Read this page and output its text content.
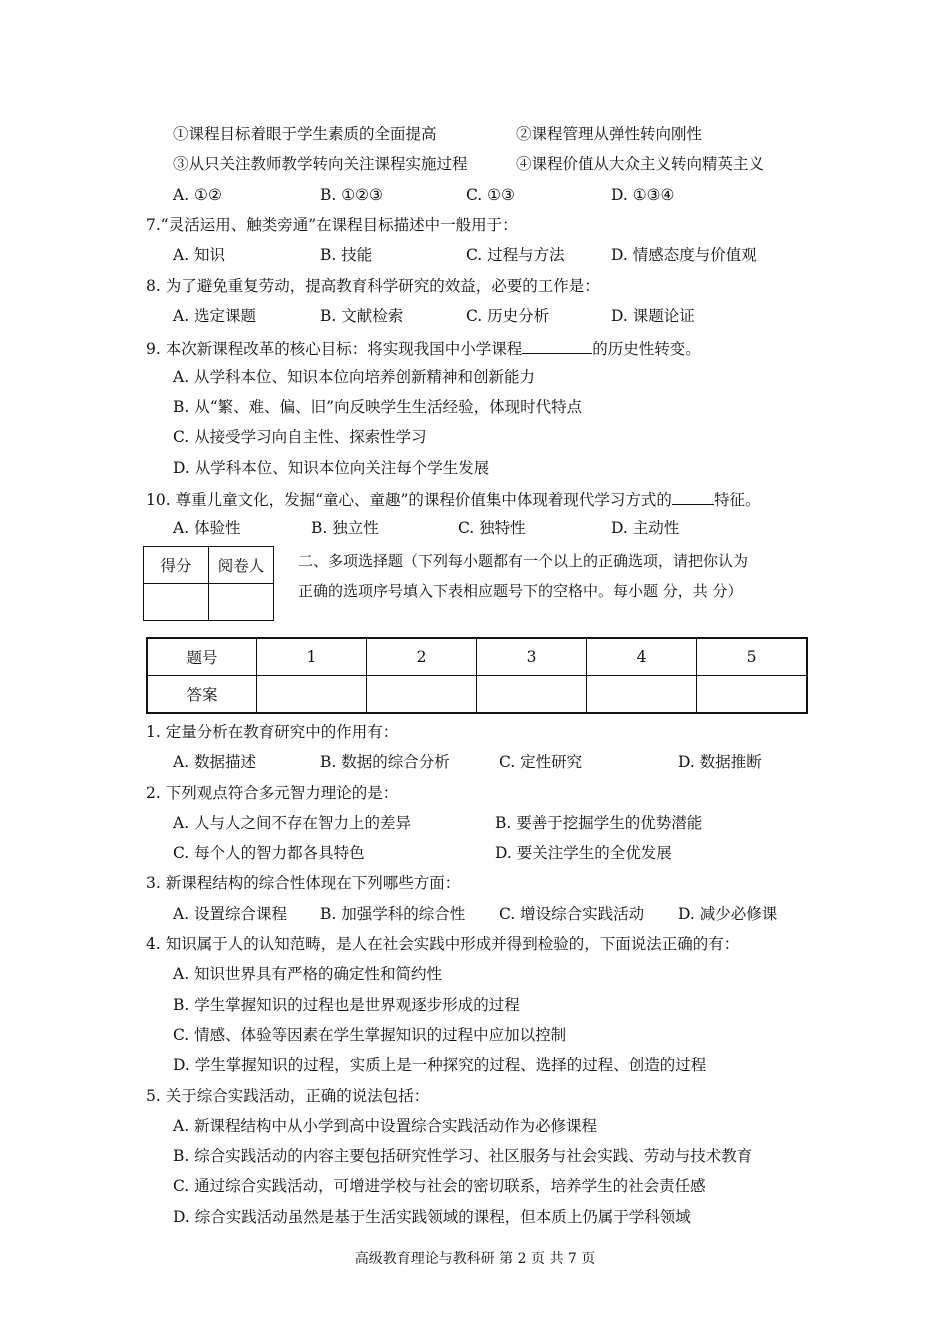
①课程目标着眼于学生素质的全面提高	②课程管理从弹性转向刚性
③从只关注教师教学转向关注课程实施过程	④课程价值从大众主义转向精英主义
A. ①②	B. ①②③	C. ①③	D. ①③④
7.“灵活运用、触类旁通”在课程目标描述中一般用于：
A. 知识	B. 技能	C. 过程与方法	D. 情感态度与价值观
8. 为了避免重复劳动，提高教育科学研究的效益，必要的工作是：
A. 选定课题	B. 文献检索	C. 历史分析	D. 课题论证
9. 本次新课程改革的核心目标：将实现我国中小学课程	的历史性转变。
A. 从学科本位、知识本位向培养创新精神和创新能力
B. 从“繁、难、偏、旧”向反映学生生活经验，体现时代特点
C. 从接受学习向自主性、探索性学习
D. 从学科本位、知识本位向关注每个学生发展
10. 尊重儿童文化，发掘“童心、童趣”的课程价值集中体现着现代学习方式的	特征。
A. 体验性	B. 独立性	C. 独特性	D. 主动性
得分	阅卷人
	二、多项选择题（下列每小题都有一个以上的正确选项，请把你认为
正确的选项序号填入下表相应题号下的空格中。每小题 分，共 分）
题号	1	2	3	4	5
答案					
1. 定量分析在教育研究中的作用有：
A. 数据描述	B. 数据的综合分析	C. 定性研究	D. 数据推断
2. 下列观点符合多元智力理论的是：
A. 人与人之间不存在智力上的差异	B. 要善于挖掘学生的优势潜能
C. 每个人的智力都各具特色	D. 要关注学生的全优发展
3. 新课程结构的综合性体现在下列哪些方面：
A. 设置综合课程 B. 加强学科的综合性 C. 增设综合实践活动 D. 减少必修课
4. 知识属于人的认知范畴，是人在社会实践中形成并得到检验的，下面说法正确的有：
A. 知识世界具有严格的确定性和简约性
B. 学生掌握知识的过程也是世界观逐步形成的过程
C. 情感、体验等因素在学生掌握知识的过程中应加以控制
D. 学生掌握知识的过程，实质上是一种探究的过程、选择的过程、创造的过程
5. 关于综合实践活动，正确的说法包括：
A. 新课程结构中从小学到高中设置综合实践活动作为必修课程
B. 综合实践活动的内容主要包括研究性学习、社区服务与社会实践、劳动与技术教育
C. 通过综合实践活动，可增进学校与社会的密切联系，培养学生的社会责任感
D. 综合实践活动虽然是基于生活实践领域的课程，但本质上仍属于学科领域
高级教育理论与教科研 第 2 页 共 7 页
